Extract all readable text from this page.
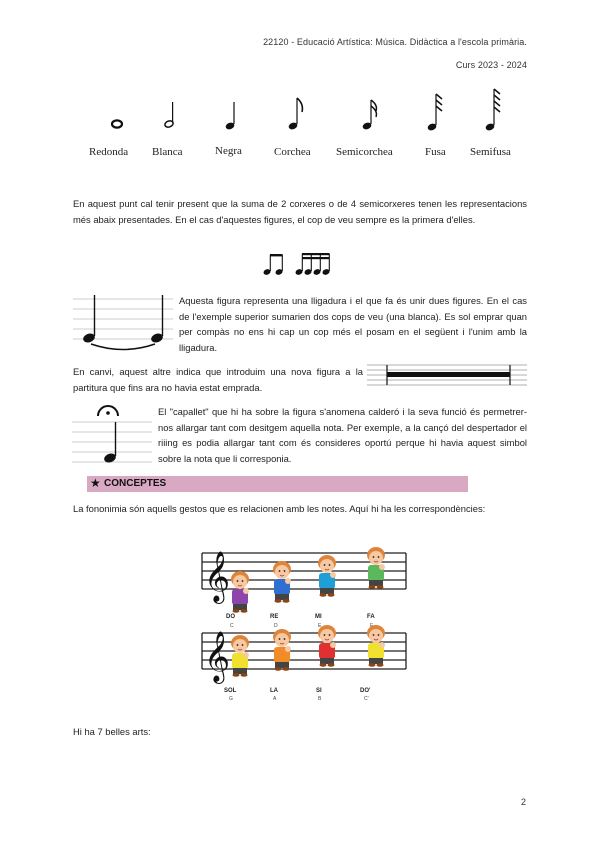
22120 - Educació Artística: Música. Didàctica a l'escola primària.
Curs 2023 - 2024
Redonda Blanca	Negra	Corchea Semicorchea	Fusa Semifusa
En aquest punt cal tenir present que la suma de 2 corxeres o de 4 semicorxeres tenen les representacions més abaix presentades. En el cas d'aquestes figures, el cop de veu sempre es la primera d'elles.
Aquesta figura representa una lligadura i el que fa és unir dues figures. En el cas de l'exemple superior sumarien dos cops de veu (una blanca). Es sol emprar quan per compàs no ens hi cap un cop més el posam en el següent i l'unim amb la lligadura.
En canvi, aquest altre indica que introduim una nova figura a la partitura que fins ara no havia estat emprada.
El "capallet" que hi ha sobre la figura s'anomena calderó i la seva funció és permetrer-nos allargar tant com desitgem aquella nota. Per exemple, a la cançó del despertador el riiing es podia allargar tant com és consideres oportú perque hi havia aquest simbol sobre la nota que li corresponia.
★ CONCEPTES
La fononimia són aquells gestos que es relacionen amb les notes. Aquí hi ha les correspondències:
𝄞
𝄞
DO
C
RE
D
MI
E
FA
F
SOL
G
LA
A
SI
B
DO'
C'
Hi ha 7 belles arts:
2
